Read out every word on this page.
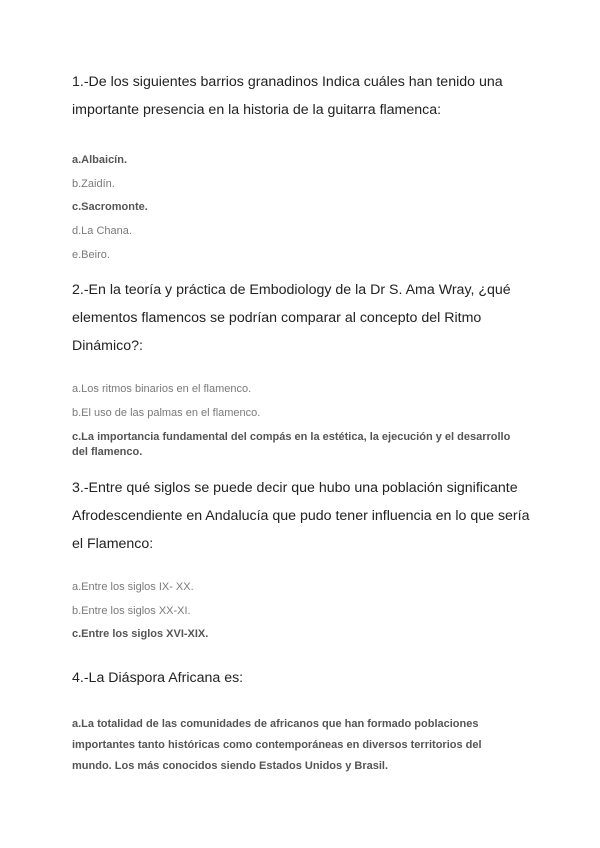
1.-De los siguientes barrios granadinos Indica cuáles han tenido una importante presencia en la historia de la guitarra flamenca:

a.Albaicín.
b.Zaidín.
c.Sacromonte.
d.La Chana.
e.Beiro.

2.-En la teoría y práctica de Embodiology de la Dr S. Ama Wray, ¿qué elementos flamencos se podrían comparar al concepto del Ritmo Dinámico?:

a.Los ritmos binarios en el flamenco.
b.El uso de las palmas en el flamenco.
c.La importancia fundamental del compás en la estética, la ejecución y el desarrollo del flamenco.

3.-Entre qué siglos se puede decir que hubo una población significante Afrodescendiente en Andalucía que pudo tener influencia en lo que sería el Flamenco:

a.Entre los siglos IX- XX.
b.Entre los siglos XX-XI.
c.Entre los siglos XVI-XIX.

4.-La Diáspora Africana es:

a.La totalidad de las comunidades de africanos que han formado poblaciones importantes tanto históricas como contemporáneas en diversos territorios del mundo. Los más conocidos siendo Estados Unidos y Brasil.
